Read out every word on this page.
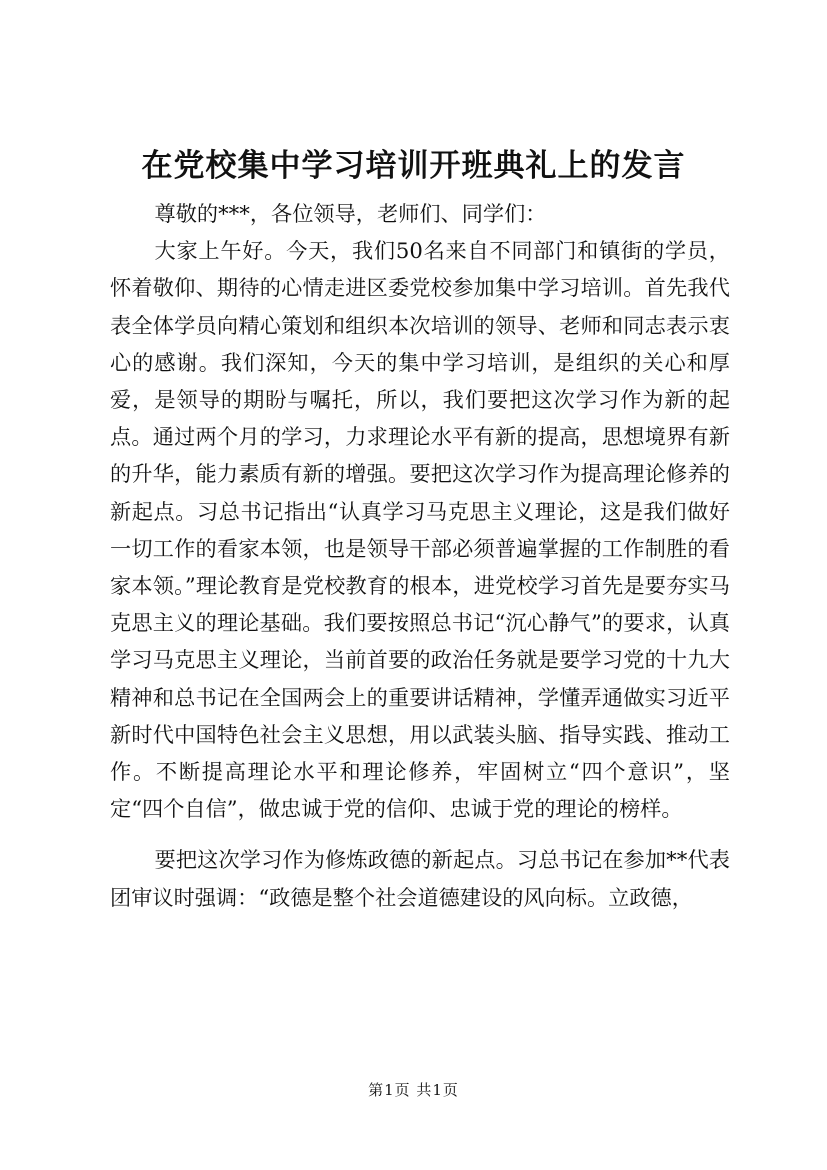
在党校集中学习培训开班典礼上的发言

尊敬的***，各位领导，老师们、同学们：

大家上午好。今天，我们50名来自不同部门和镇街的学员，怀着敬仰、期待的心情走进区委党校参加集中学习培训。首先我代表全体学员向精心策划和组织本次培训的领导、老师和同志表示衷心的感谢。我们深知，今天的集中学习培训，是组织的关心和厚爱，是领导的期盼与嘱托，所以，我们要把这次学习作为新的起点。通过两个月的学习，力求理论水平有新的提高，思想境界有新的升华，能力素质有新的增强。要把这次学习作为提高理论修养的新起点。习总书记指出“认真学习马克思主义理论，这是我们做好一切工作的看家本领，也是领导干部必须普遍掌握的工作制胜的看家本领。”理论教育是党校教育的根本，进党校学习首先是要夯实马克思主义的理论基础。我们要按照总书记“沉心静气”的要求，认真学习马克思主义理论，当前首要的政治任务就是要学习党的十九大精神和总书记在全国两会上的重要讲话精神，学懂弄通做实习近平新时代中国特色社会主义思想，用以武装头脑、指导实践、推动工作。不断提高理论水平和理论修养，牢固树立“四个意识”，坚定“四个自信”，做忠诚于党的信仰、忠诚于党的理论的榜样。

要把这次学习作为修炼政德的新起点。习总书记在参加**代表团审议时强调：“政德是整个社会道德建设的风向标。立政德，

第1页 共1页
